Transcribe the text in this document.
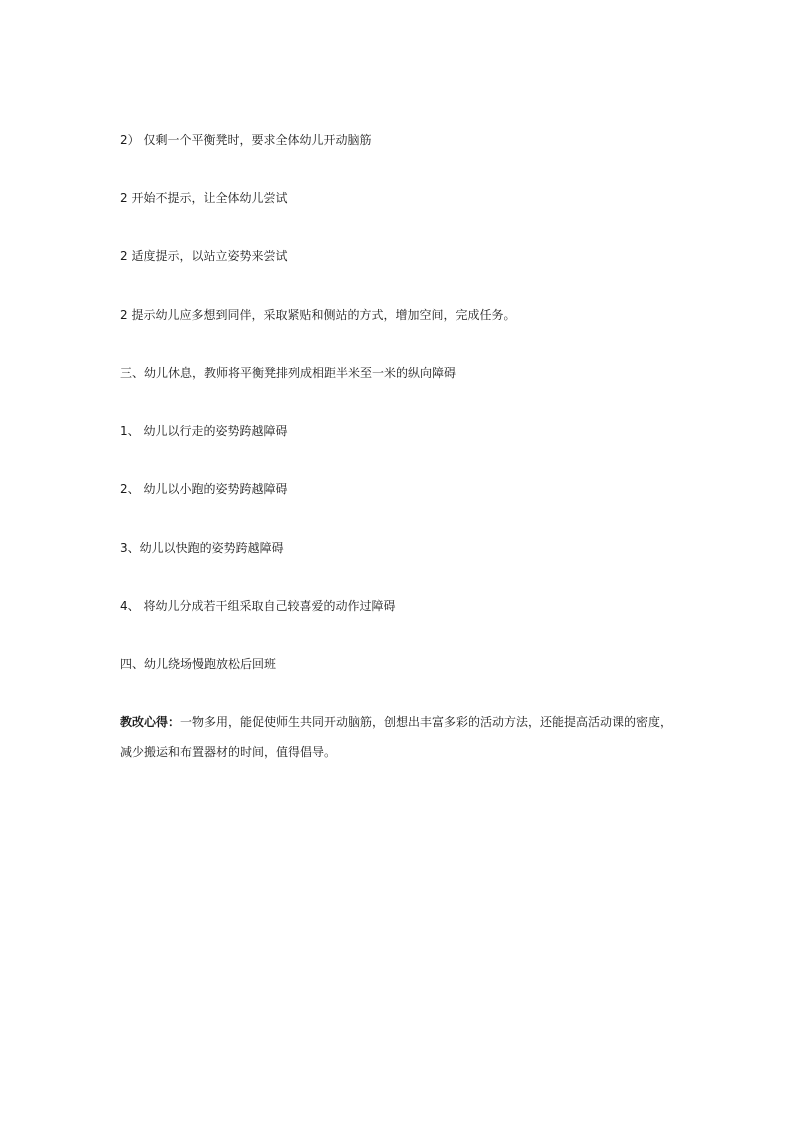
2） 仅剩一个平衡凳时，要求全体幼儿开动脑筋
2 开始不提示，让全体幼儿尝试
2 适度提示，以站立姿势来尝试
2 提示幼儿应多想到同伴，采取紧贴和侧站的方式，增加空间，完成任务。
三、幼儿休息，教师将平衡凳排列成相距半米至一米的纵向障碍
1、 幼儿以行走的姿势跨越障碍
2、 幼儿以小跑的姿势跨越障碍
3、幼儿以快跑的姿势跨越障碍
4、 将幼儿分成若干组采取自己较喜爱的动作过障碍
四、幼儿绕场慢跑放松后回班
教改心得：一物多用，能促使师生共同开动脑筋，创想出丰富多彩的活动方法，还能提高活动课的密度，
减少搬运和布置器材的时间，值得倡导。
